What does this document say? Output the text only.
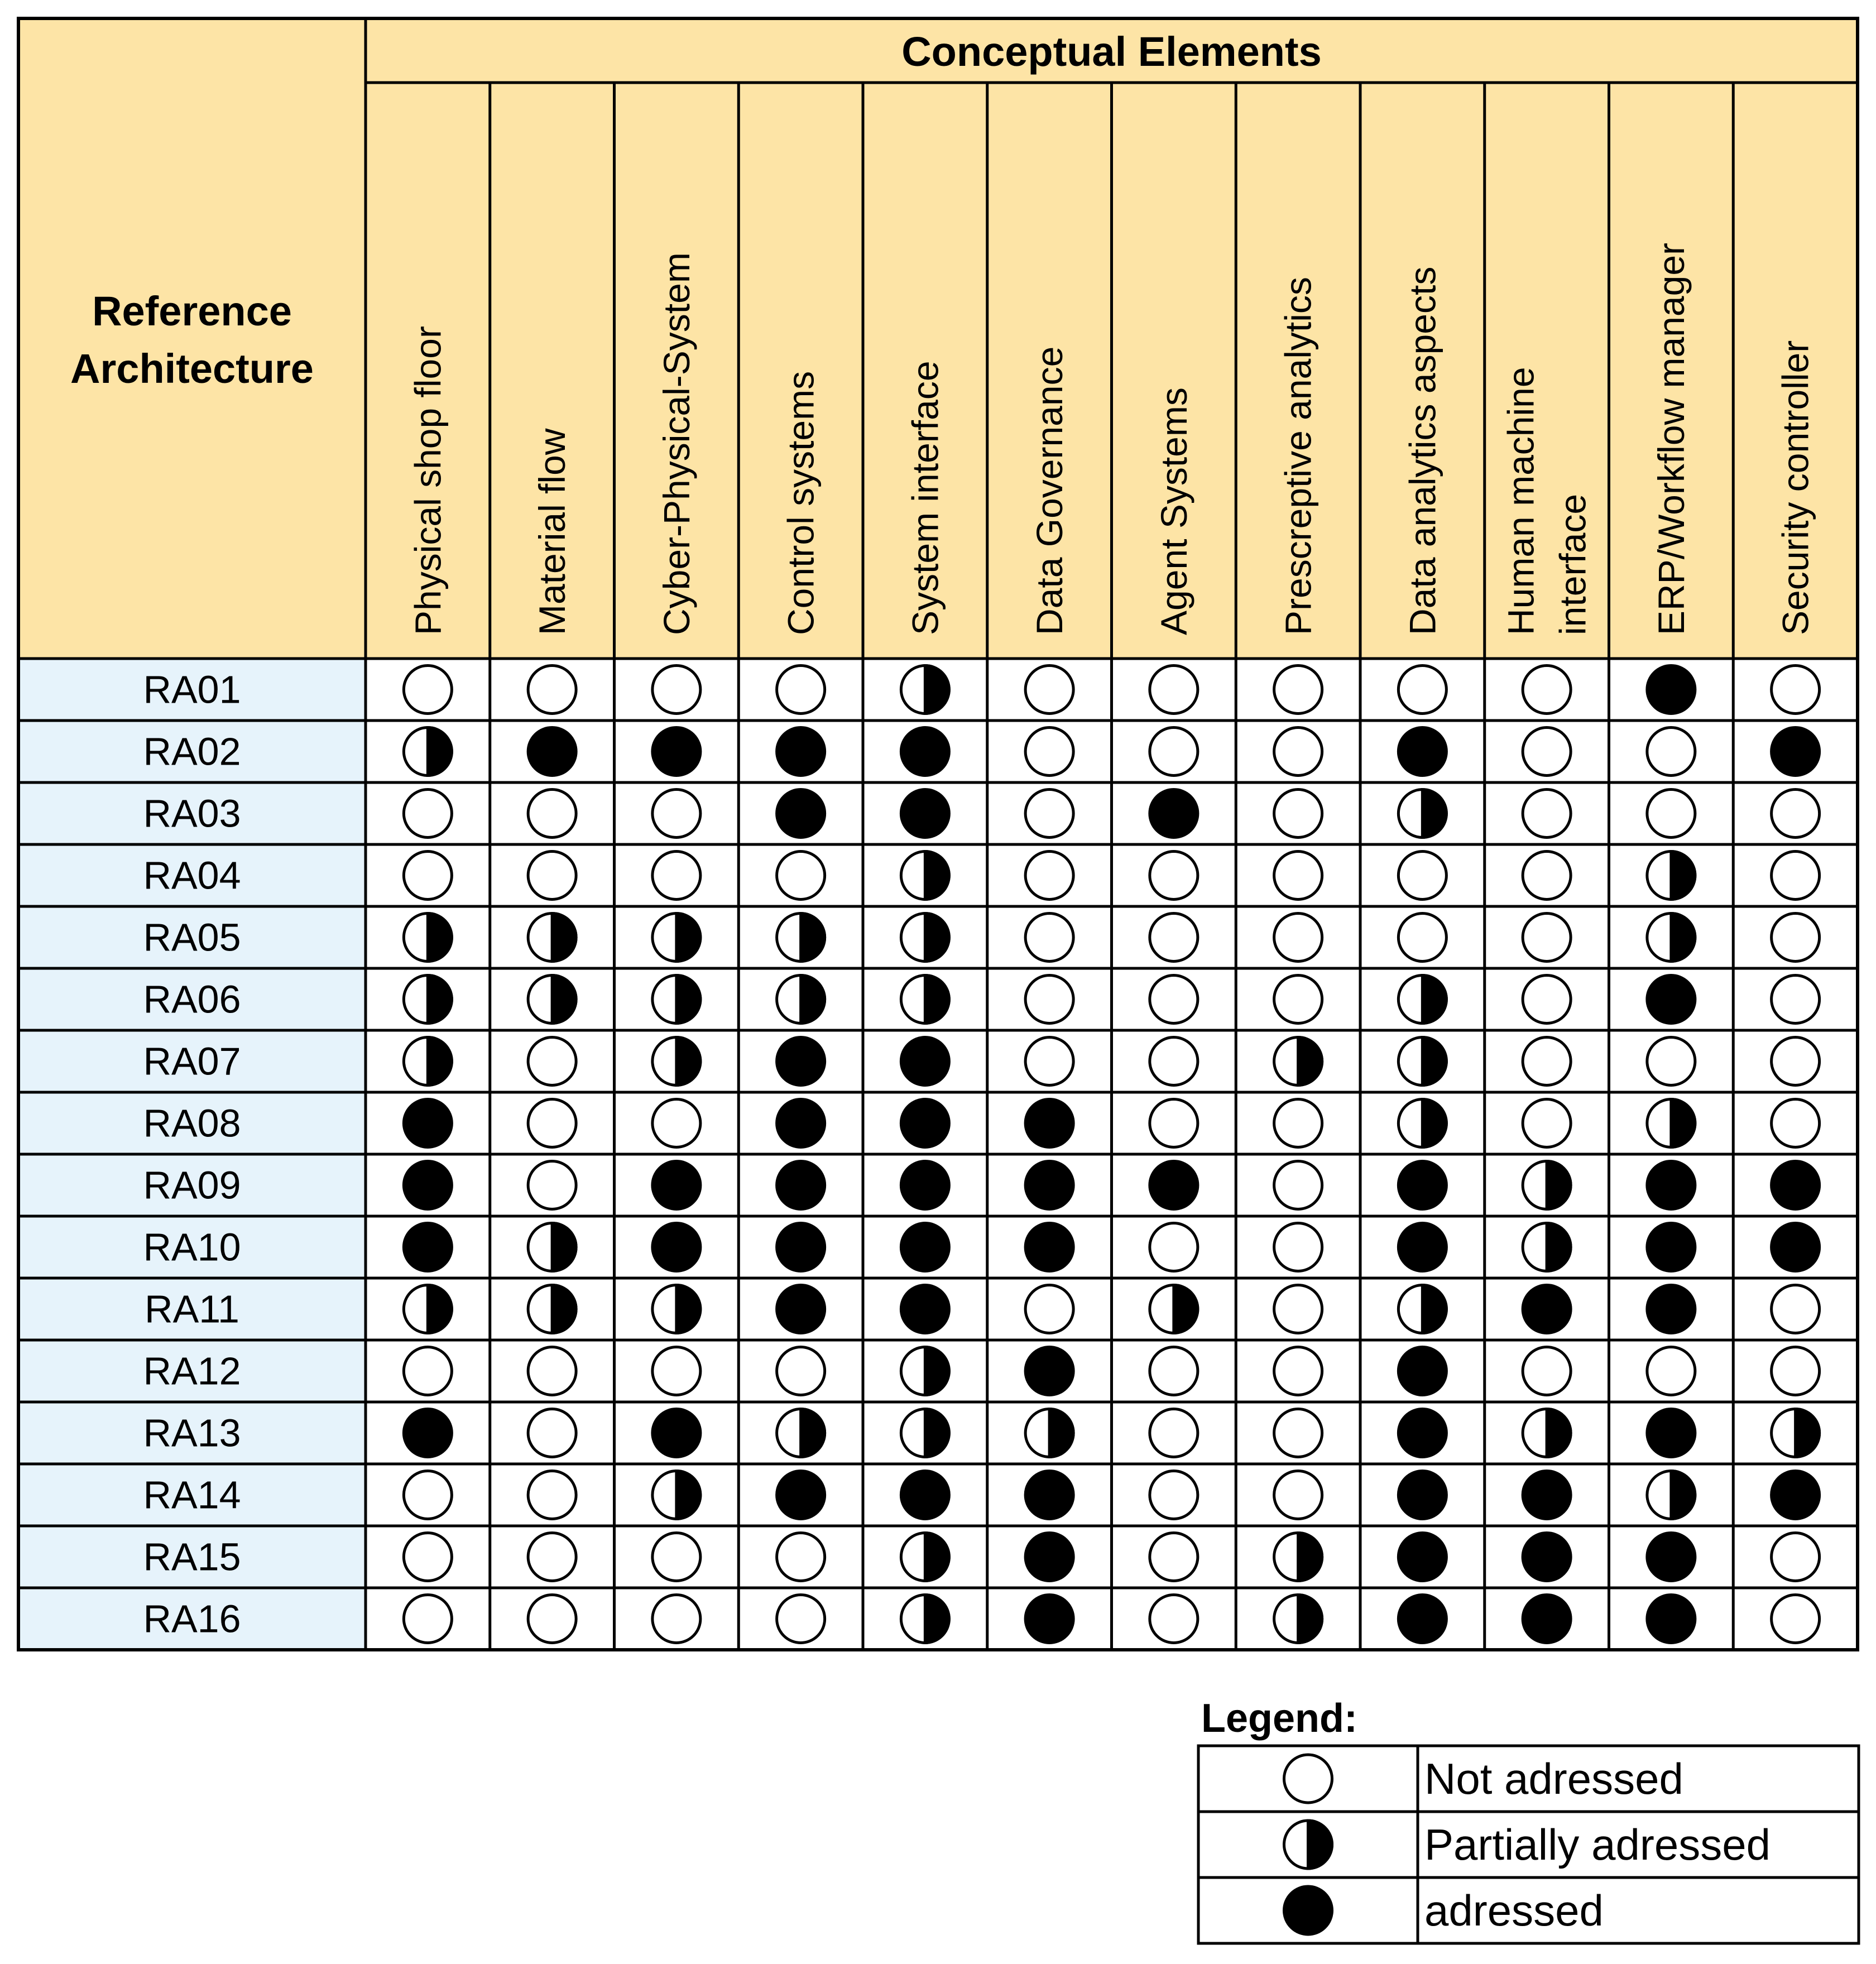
Conceptual Elements
Reference Architecture	Physical shop floor Material flow Cyber-Physical-System Control systems System interface Data Governance Agent Systems Prescreptive analytics Data analytics aspects Human machine interface ERP/Workflow manager Security controller
RA01
RA02
RA03
RA04
RA05
RA06
RA07
RA08
RA09
RA10
RA11
RA12
RA13
RA14
RA15
RA16
Legend:
Not adressed
Partially adressed
adressed
